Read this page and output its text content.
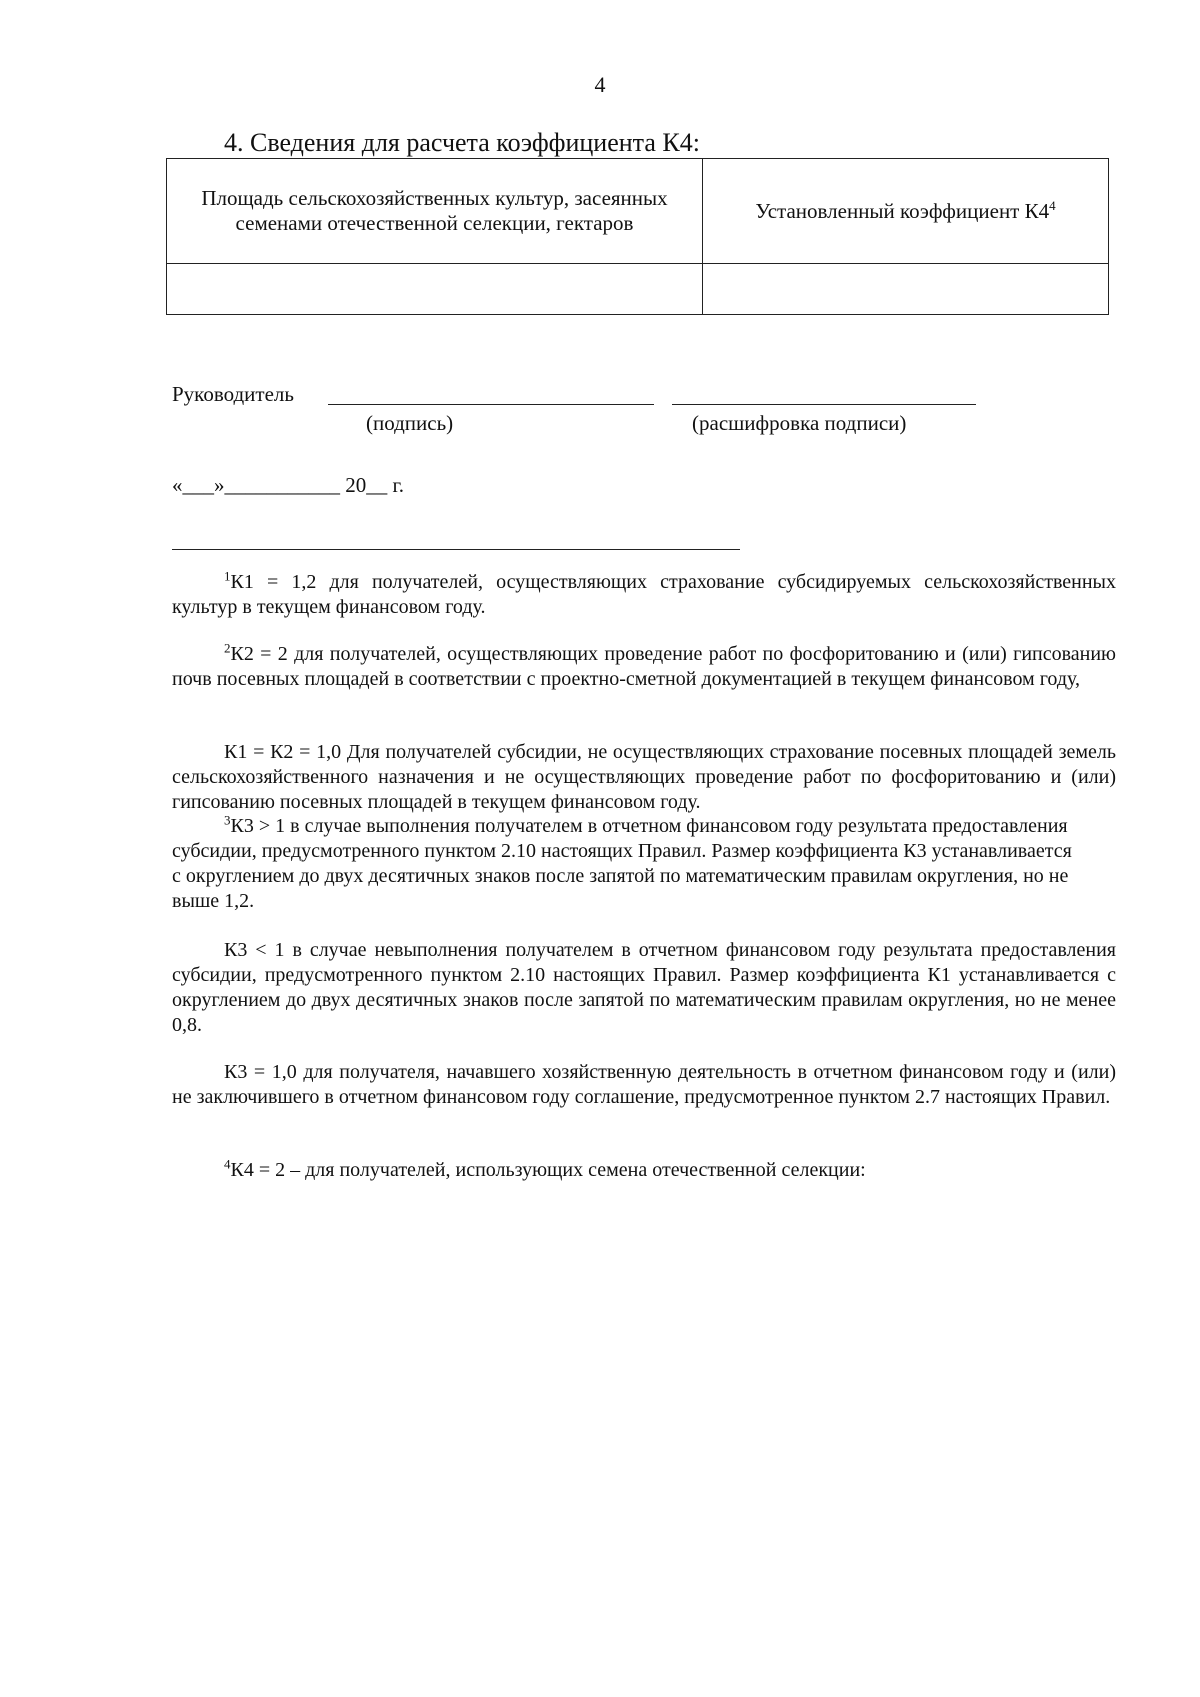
4
4. Сведения для расчета коэффициента К4:
Площадь сельскохозяйственных культур, засеянных семенами отечественной селекции, гектаров	Установленный коэффициент $К4^4$

Руководитель
(подпись)	(расшифровка подписи)
«___»___________ 20__ г.

$^1$К1 = 1,2 для получателей, осуществляющих страхование субсидируемых сельскохозяйственных культур в текущем финансовом году.

$^2$К2 = 2 для получателей, осуществляющих проведение работ по фосфоритованию и (или) гипсованию почв посевных площадей в соответствии с проектно-сметной документацией в текущем финансовом году,

К1 = К2 = 1,0 Для получателей субсидии, не осуществляющих страхование посевных площадей земель сельскохозяйственного назначения и не осуществляющих проведение работ по фосфоритованию и (или) гипсованию посевных площадей в текущем финансовом году.

$^3$К3 > 1 в случае выполнения получателем в отчетном финансовом году результата предоставления субсидии, предусмотренного пунктом 2.10 настоящих Правил. Размер коэффициента К3 устанавливается с округлением до двух десятичных знаков после запятой по математическим правилам округления, но не выше 1,2.

К3 < 1 в случае невыполнения получателем в отчетном финансовом году результата предоставления субсидии, предусмотренного пунктом 2.10 настоящих Правил. Размер коэффициента К1 устанавливается с округлением до двух десятичных знаков после запятой по математическим правилам округления, но не менее 0,8.

К3 = 1,0 для получателя, начавшего хозяйственную деятельность в отчетном финансовом году и (или) не заключившего в отчетном финансовом году соглашение, предусмотренное пунктом 2.7 настоящих Правил.

$^4$К4 = 2 – для получателей, использующих семена отечественной селекции:
